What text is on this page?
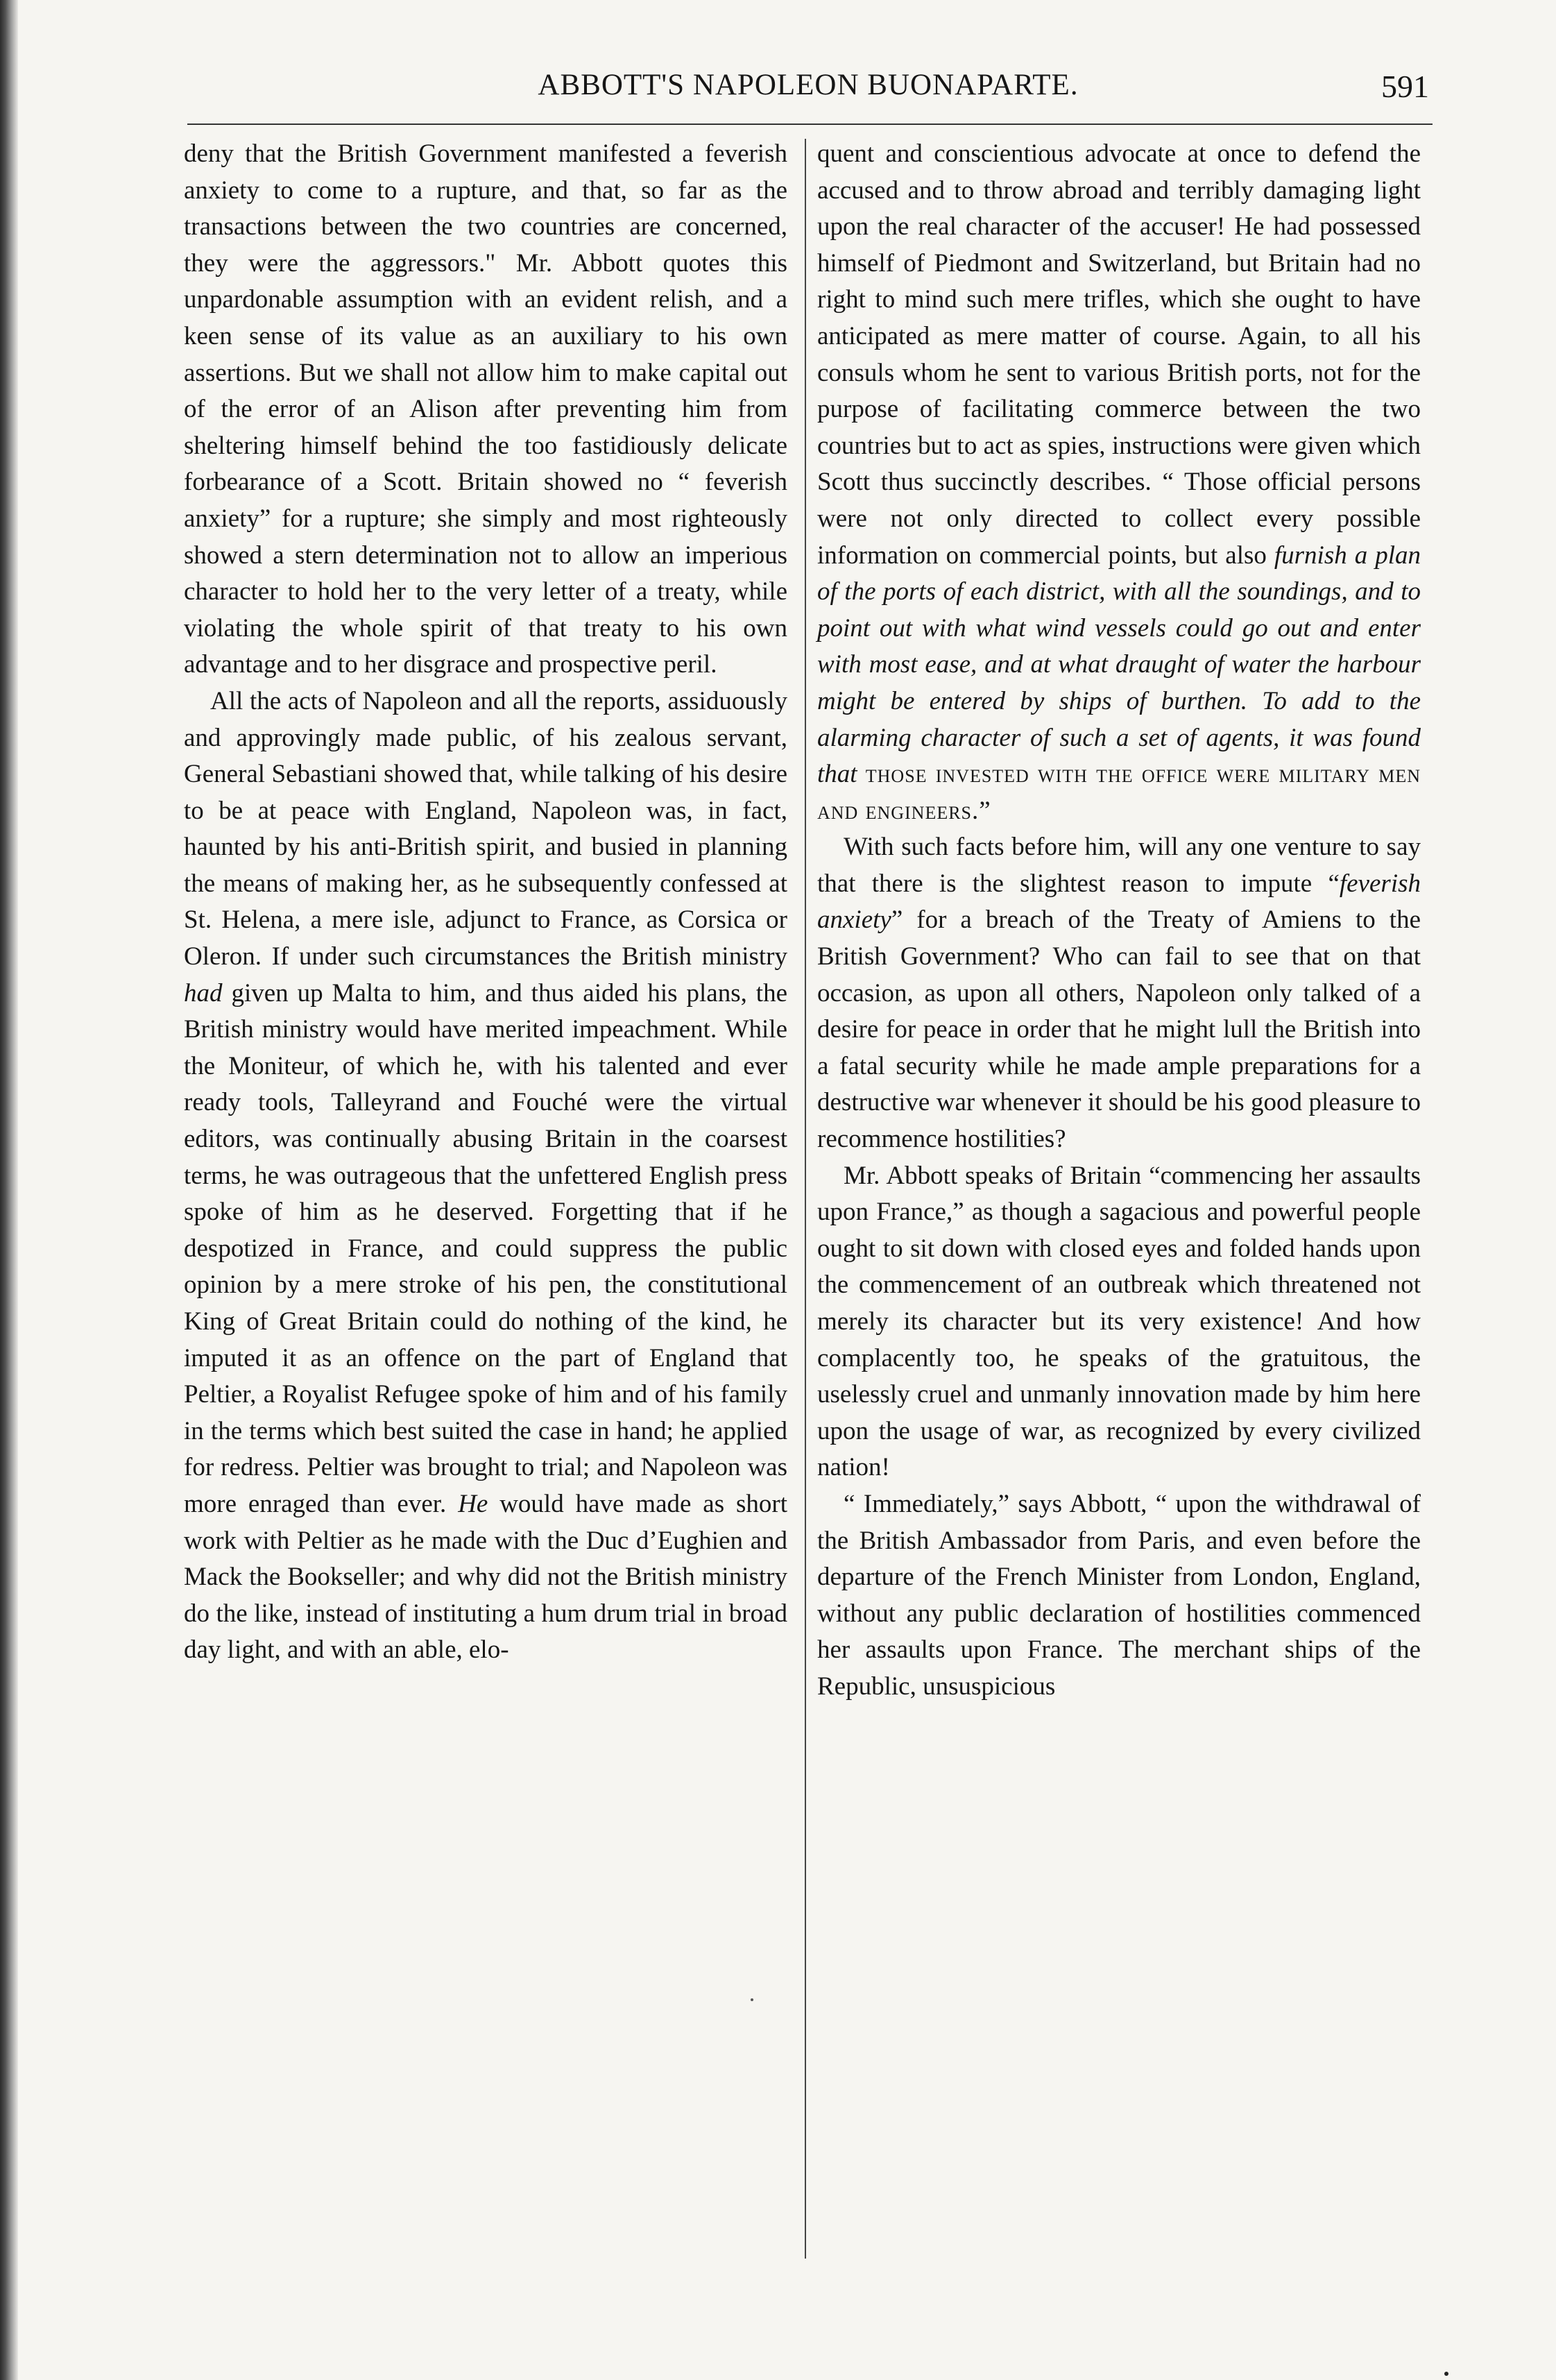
ABBOTT'S NAPOLEON BUONAPARTE.	591

deny that the British Government manifested a feverish anxiety to come to a rupture, and that, so far as the transactions between the two countries are concerned, they were the aggressors." Mr. Abbott quotes this unpardonable assumption with an evident relish, and a keen sense of its value as an auxiliary to his own assertions. But we shall not allow him to make capital out of the error of an Alison after preventing him from sheltering himself behind the too fastidiously delicate forbearance of a Scott. Britain showed no “ feverish anxiety” for a rupture; she simply and most righteously showed a stern determination not to allow an imperious character to hold her to the very letter of a treaty, while violating the whole spirit of that treaty to his own advantage and to her disgrace and prospective peril.

All the acts of Napoleon and all the reports, assiduously and approvingly made public, of his zealous servant, General Sebastiani showed that, while talking of his desire to be at peace with England, Napoleon was, in fact, haunted by his anti-British spirit, and busied in planning the means of making her, as he subsequently confessed at St. Helena, a mere isle, adjunct to France, as Corsica or Oleron. If under such circumstances the British ministry had given up Malta to him, and thus aided his plans, the British ministry would have merited impeachment. While the Moniteur, of which he, with his talented and ever ready tools, Talleyrand and Fouché were the virtual editors, was continually abusing Britain in the coarsest terms, he was outrageous that the unfettered English press spoke of him as he deserved. Forgetting that if he despotized in France, and could suppress the public opinion by a mere stroke of his pen, the constitutional King of Great Britain could do nothing of the kind, he imputed it as an offence on the part of England that Peltier, a Royalist Refugee spoke of him and of his family in the terms which best suited the case in hand; he applied for redress. Peltier was brought to trial; and Napoleon was more enraged than ever. He would have made as short work with Peltier as he made with the Duc d’Eughien and Mack the Bookseller; and why did not the British ministry do the like, instead of instituting a hum drum trial in broad day light, and with an able, elo-

quent and conscientious advocate at once to defend the accused and to throw abroad and terribly damaging light upon the real character of the accuser! He had possessed himself of Piedmont and Switzerland, but Britain had no right to mind such mere trifles, which she ought to have anticipated as mere matter of course. Again, to all his consuls whom he sent to various British ports, not for the purpose of facilitating commerce between the two countries but to act as spies, instructions were given which Scott thus succinctly describes. “ Those official persons were not only directed to collect every possible information on commercial points, but also furnish a plan of the ports of each district, with all the soundings, and to point out with what wind vessels could go out and enter with most ease, and at what draught of water the harbour might be entered by ships of burthen. To add to the alarming character of such a set of agents, it was found that those invested with the office were military men and engineers.”

With such facts before him, will any one venture to say that there is the slightest reason to impute “feverish anxiety” for a breach of the Treaty of Amiens to the British Government? Who can fail to see that on that occasion, as upon all others, Napoleon only talked of a desire for peace in order that he might lull the British into a fatal security while he made ample preparations for a destructive war whenever it should be his good pleasure to recommence hostilities?

Mr. Abbott speaks of Britain “commencing her assaults upon France,” as though a sagacious and powerful people ought to sit down with closed eyes and folded hands upon the commencement of an outbreak which threatened not merely its character but its very existence! And how complacently too, he speaks of the gratuitous, the uselessly cruel and unmanly innovation made by him here upon the usage of war, as recognized by every civilized nation!

“ Immediately,” says Abbott, “ upon the withdrawal of the British Ambassador from Paris, and even before the departure of the French Minister from London, England, without any public declaration of hostilities commenced her assaults upon France. The merchant ships of the Republic, unsuspicious
